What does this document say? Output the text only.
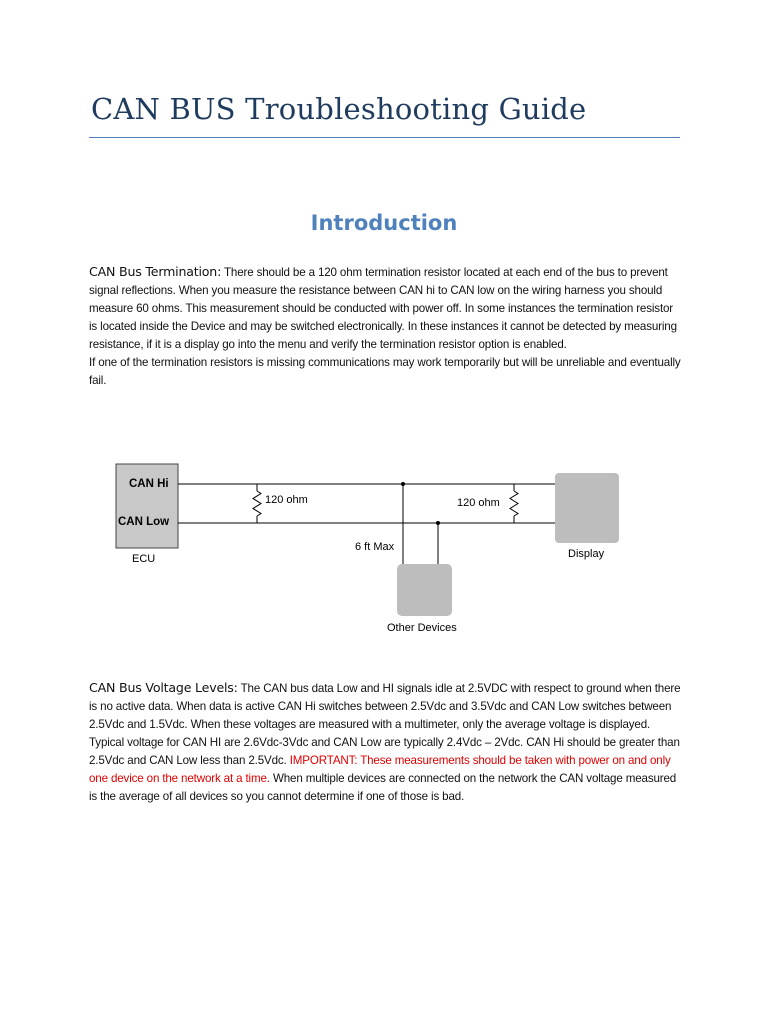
CAN BUS Troubleshooting Guide
Introduction
CAN Bus Termination: There should be a 120 ohm termination resistor located at each end of the bus to prevent signal reflections. When you measure the resistance between CAN hi to CAN low on the wiring harness you should measure 60 ohms. This measurement should be conducted with power off. In some instances the termination resistor is located inside the Device and may be switched electronically. In these instances it cannot be detected by measuring resistance, if it is a display go into the menu and verify the termination resistor option is enabled.
If one of the termination resistors is missing communications may work temporarily but will be unreliable and eventually fail.
CAN Hi
CAN Low
ECU
120 ohm	120 ohm
6 ft Max
Other Devices
Display
CAN Bus Voltage Levels: The CAN bus data Low and HI signals idle at 2.5VDC with respect to ground when there is no active data. When data is active CAN Hi switches between 2.5Vdc and 3.5Vdc and CAN Low switches between 2.5Vdc and 1.5Vdc. When these voltages are measured with a multimeter, only the average voltage is displayed. Typical voltage for CAN HI are 2.6Vdc-3Vdc and CAN Low are typically 2.4Vdc – 2Vdc. CAN Hi should be greater than 2.5Vdc and CAN Low less than 2.5Vdc. IMPORTANT: These measurements should be taken with power on and only one device on the network at a time. When multiple devices are connected on the network the CAN voltage measured is the average of all devices so you cannot determine if one of those is bad.
